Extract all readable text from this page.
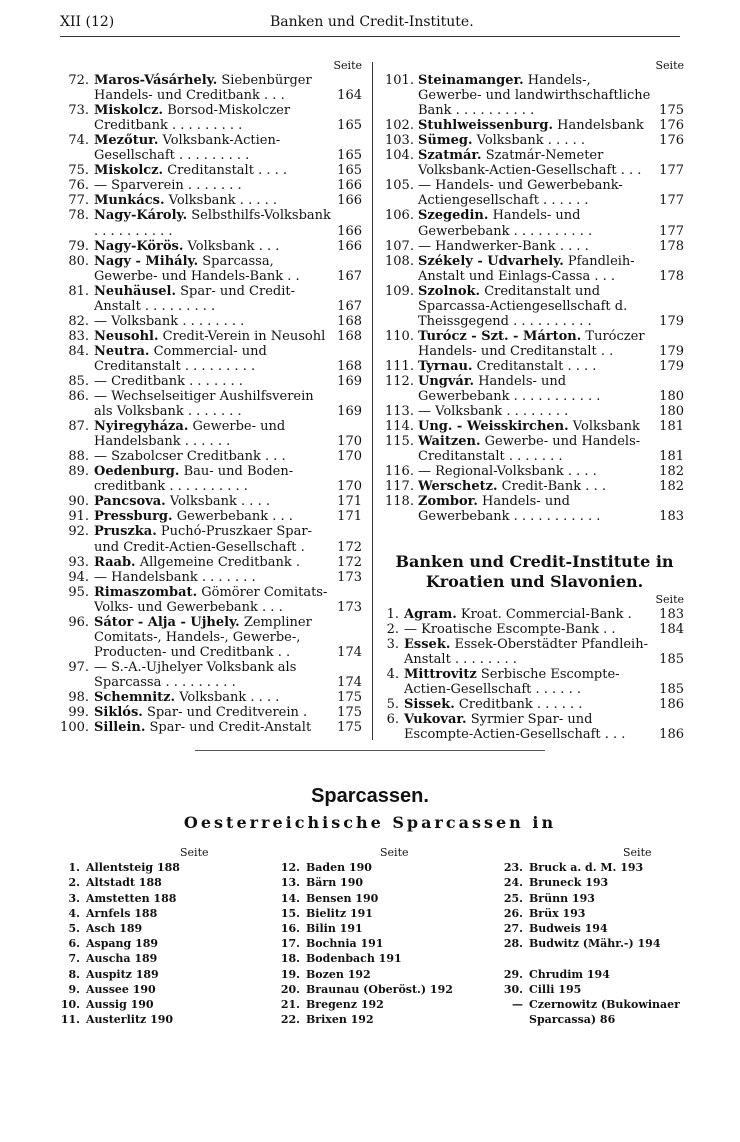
XII (12)	Banken und Credit-Institute.
Seite
72. Maros-Vásárhely. Siebenbürger Handels- und Creditbank . . .	164
73. Miskolcz. Borsod-Miskolczer Creditbank . . . . . . . . .	165
74. Mezőtur. Volksbank-Actien-Gesellschaft . . . . . . . . .	165
75. Miskolcz. Creditanstalt . . . .	165
76. — Sparverein . . . . . . .	166
77. Munkács. Volksbank . . . . .	166
78. Nagy-Károly. Selbsthilfs-Volksbank . . . . . . . . . .	166
79. Nagy-Körös. Volksbank . . .	166
80. Nagy - Mihály. Sparcassa, Gewerbe- und Handels-Bank . .	167
81. Neuhäusel. Spar- und Credit-Anstalt . . . . . . . . .	167
82. — Volksbank . . . . . . . .	168
83. Neusohl. Credit-Verein in Neusohl 168
84. Neutra. Commercial- und Creditanstalt . . . . . . . . .	168
85. — Creditbank . . . . . . .	169
86. — Wechselseitiger Aushilfsverein als Volksbank . . . . . . .	169
87. Nyiregyháza. Gewerbe- und Handelsbank . . . . . .	170
88. — Szabolcser Creditbank . . .	170
89. Oedenburg. Bau- und Boden-creditbank . . . . . . . . . .	170
90. Pancsova. Volksbank . . . .	171
91. Pressburg. Gewerbebank . . .	171
92. Pruszka. Puchó-Pruszkaer Spar- und Credit-Actien-Gesellschaft .	172
93. Raab. Allgemeine Creditbank .	172
94. — Handelsbank . . . . . . .	173
95. Rimaszombat. Gömörer Comitats-Volks- und Gewerbebank . . .	173
96. Sátor - Alja - Ujhely. Zempliner Comitats-, Handels-, Gewerbe-, Producten- und Creditbank . .	174
97. — S.-A.-Ujhelyer Volksbank als Sparcassa . . . . . . . . .	174
98. Schemnitz. Volksbank . . . .	175
99. Siklós. Spar- und Creditverein .	175
100. Sillein. Spar- und Credit-Anstalt	175
Seite
101. Steinamanger. Handels-, Gewerbe- und landwirthschaftliche Bank . . . . . . . . . .	175
102. Stuhlweissenburg. Handelsbank	176
103. Sümeg. Volksbank . . . . .	176
104. Szatmár. Szatmár-Nemeter Volksbank-Actien-Gesellschaft . . .	177
105. — Handels- und Gewerbebank-Actiengesellschaft . . . . . .	177
106. Szegedin. Handels- und Gewerbebank . . . . . . . . . .	177
107. — Handwerker-Bank . . . .	178
108. Székely - Udvarhely. Pfandleih-Anstalt und Einlags-Cassa . . .	178
109. Szolnok. Creditanstalt und Sparcassa-Actiengesellschaft d. Theissgegend . . . . . . . . . .	179
110. Turócz - Szt. - Márton. Turóczer Handels- und Creditanstalt . .	179
111. Tyrnau. Creditanstalt . . . .	179
112. Ungvár. Handels- und Gewerbebank . . . . . . . . . . .	180
113. — Volksbank . . . . . . . .	180
114. Ung. - Weisskirchen. Volksbank	181
115. Waitzen. Gewerbe- und Handels-Creditanstalt . . . . . . .	181
116. — Regional-Volksbank . . . .	182
117. Werschetz. Credit-Bank . . .	182
118. Zombor. Handels- und Gewerbebank . . . . . . . . . . .	183
Banken und Credit-Institute in
Kroatien und Slavonien.
Seite
1. Agram. Kroat. Commercial-Bank .	183
2. — Kroatische Escompte-Bank . .	184
3. Essek. Essek-Oberstädter Pfandleih-Anstalt . . . . . . . .	185
4. Mittrovitz Serbische Escompte-Actien-Gesellschaft . . . . . .	185
5. Sissek. Creditbank . . . . . .	186
6. Vukovar. Syrmier Spar- und Escompte-Actien-Gesellschaft . . .	186
Sparcassen.
Oesterreichische Sparcassen in
Seite
1. Allentsteig 188
2. Altstadt 188
3. Amstetten 188
4. Arnfels 188
5. Asch 189
6. Aspang 189
7. Auscha 189
8. Auspitz 189
9. Aussee 190
10. Aussig 190
11. Austerlitz 190
Seite
12. Baden 190
13. Bärn 190
14. Bensen 190
15. Bielitz 191
16. Bilin 191
17. Bochnia 191
18. Bodenbach 191
19. Bozen 192
20. Braunau (Oberöst.) 192
21. Bregenz 192
22. Brixen 192
Seite
23. Bruck a. d. M. 193
24. Bruneck 193
25. Brünn 193
26. Brüx 193
27. Budweis 194
28. Budwitz (Mähr.-) 194

29. Chrudim 194
30. Cilli 195
— Czernowitz (Bukowinaer

Sparcassa) 86
